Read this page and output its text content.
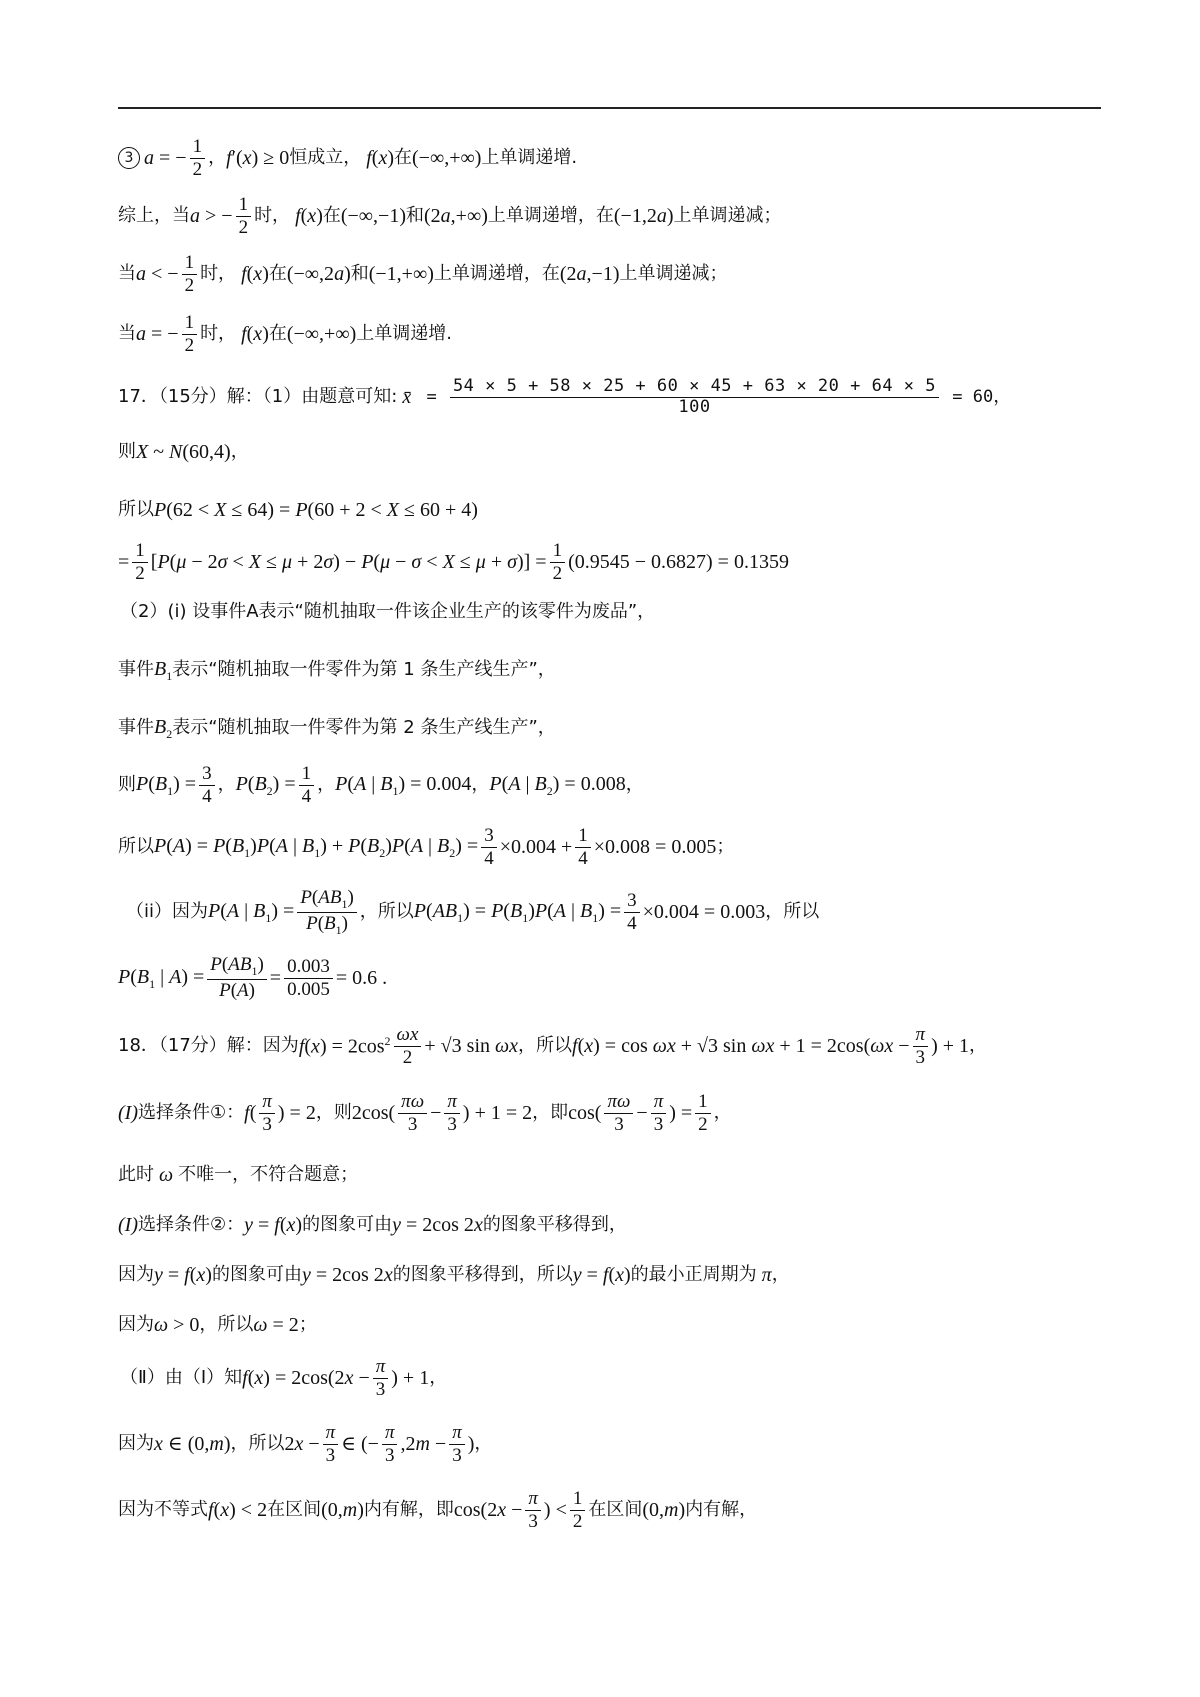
3 a = − $\frac{1}{2}$ ， f′(x) ≥ 0 恒成立， f(x) 在 (−∞,+∞) 上单调递增.
综上，当 a > − $\frac{1}{2}$ 时， f(x) 在 (−∞,−1) 和 (2a,+∞) 上单调递增，在 (−1,2a) 上单调递减；
当 a < − $\frac{1}{2}$ 时， f(x) 在 (−∞,2a) 和 (−1,+∞) 上单调递增，在 (2a,−1) 上单调递减；
当 a = − $\frac{1}{2}$ 时， f(x) 在 (−∞,+∞) 上单调递增.
17．（15分）解：（1）由题意可知: x̄ = $\frac{54 \times 5 + 58 \times 25 + 60 \times 45 + 63 \times 20 + 64 \times 5}{100} = 60$ ，
则 X ~ N(60,4) ，
所以 P(62 < X ≤ 64) = P(60 + 2 < X ≤ 60 + 4)
= $\frac{1}{2} [P(\mu - 2\sigma < X \le \mu + 2\sigma) - P(\mu - \sigma < X \le \mu + \sigma)] = \frac{1}{2} (0.9545 - 0.6827) = 0.1359$
（2）(i) 设事件A表示“随机抽取一件该企业生产的该零件为废品”，
事件 $B_1$ 表示“随机抽取一件零件为第 1 条生产线生产”，
事件 $B_2$ 表示“随机抽取一件零件为第 2 条生产线生产”，
则 $P(B_1) = \frac{3}{4}$ ， $P(B_2) = \frac{1}{4}$ ， P(A | $B_1) = 0.004$ ， P(A | $B_2) = 0.008$ ，
所以 $P(A) = P(B_1)P(A$ | $B_1) + P(B_2)P(A$ | $B_2) = \frac{3}{4} \times 0.004 + \frac{1}{4} \times 0.008 = 0.005$ ；
（ii）因为 P(A | $B_1) = \frac{P(AB_1)}{P(B_1)}$ ，所以 $P(AB_1) = P(B_1)P(A$ | $B_1) = \frac{3}{4} \times 0.004 = 0.003$ ，所以
$P(B_1$ | $A) = \frac{P(AB_1)}{P(A)} = \frac{0.003}{0.005} = 0.6$ .
18．（17分）解：因为 $f(x) = 2\cos^2 \frac{\omega x}{2} + √3$ sin ωx ，所以 f(x) = cos ωx + √3 $\sin \omega x + 1 = 2\cos(\omega x - \frac{\pi}{3}$ ) + 1 ，
(I) 选择条件①： $f( \frac{\pi}{3}$ ) = 2 ，则 $2\cos( \frac{\pi\omega}{3} - \frac{\pi}{3}$ ) + 1 = 2 ，即 $\cos( \frac{\pi\omega}{3} - \frac{\pi}{3}$ ) = $\frac{1}{2}$ ，
此时 ω 不唯一，不符合题意；
(I) 选择条件②： y = f(x) 的图象可由 y = 2cos 2x 的图象平移得到，
因为 y = f(x) 的图象可由 y = 2cos 2x 的图象平移得到，所以 y = f(x) 的最小正周期为 π ，
因为 ω > 0 ，所以 ω = 2 ；
（Ⅱ）由（Ⅰ）知 $f(x) = 2\cos(2x - \frac{\pi}{3}$ ) + 1 ，
因为 x ∈ (0,m) ，所以 $2x - \frac{\pi}{3}$ ∈ (− $\frac{\pi}{3} ,2m - \frac{\pi}{3}$ ) ，
因为不等式 f(x) < 2 在区间 (0,m) 内有解，即 $\cos(2x - \frac{\pi}{3}$ ) < $\frac{1}{2}$ 在区间 (0,m) 内有解，
